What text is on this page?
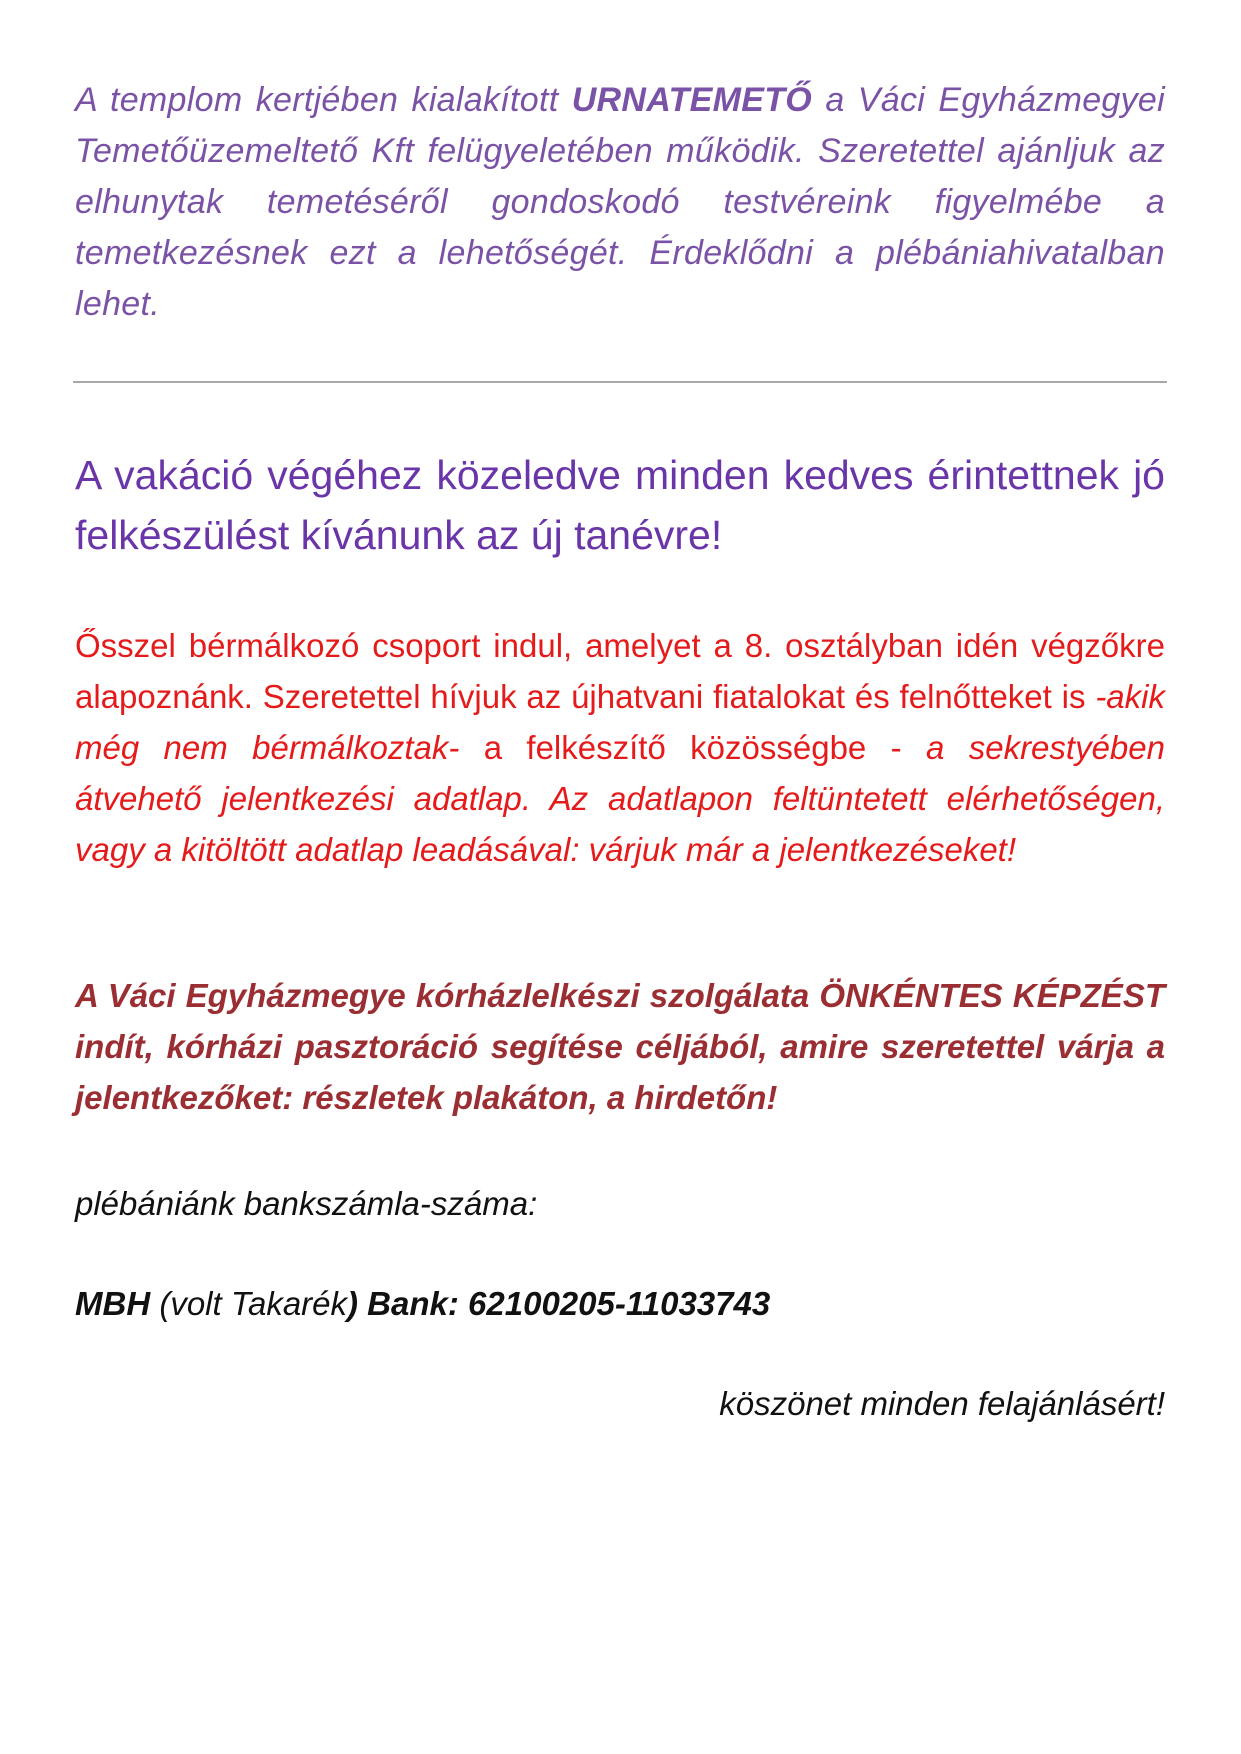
A templom kertjében kialakított URNATEMETŐ a Váci Egyházmegyei Temetőüzemeltető Kft felügyeletében működik. Szeretettel ajánljuk az elhunytak temetéséről gondoskodó testvéreink figyelmébe a temetkezésnek ezt a lehetőségét. Érdeklődni a plébániahivatalban lehet.

A vakáció végéhez közeledve minden kedves érintettnek jó felkészülést kívánunk az új tanévre!

Ősszel bérmálkozó csoport indul, amelyet a 8. osztályban idén végzőkre alapoznánk. Szeretettel hívjuk az újhatvani fiatalokat és felnőtteket is -akik még nem bérmálkoztak- a felkészítő közösségbe - a sekrestyében átvehető jelentkezési adatlap. Az adatlapon feltüntetett elérhetőségen, vagy a kitöltött adatlap leadásával: várjuk már a jelentkezéseket!

A Váci Egyházmegye kórházlelkészi szolgálata ÖNKÉNTES KÉPZÉST indít, kórházi pasztoráció segítése céljából, amire szeretettel várja a jelentkezőket: részletek plakáton, a hirdetőn!

plébániánk bankszámla-száma:

MBH (volt Takarék) Bank: 62100205-11033743

köszönet minden felajánlásért!
